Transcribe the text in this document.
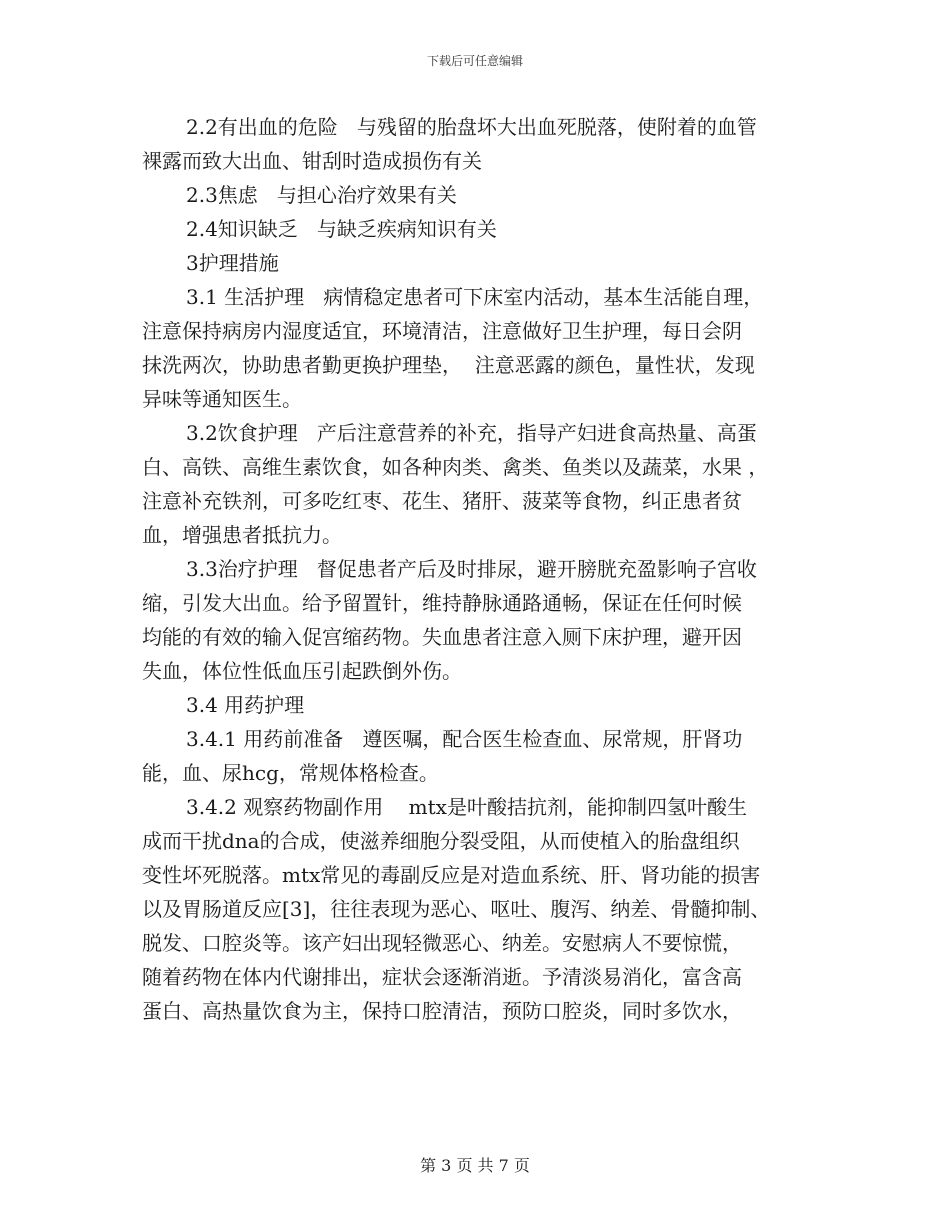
下载后可任意编辑

2.2有出血的危险   与残留的胎盘坏大出血死脱落，使附着的血管

裸露而致大出血、钳刮时造成损伤有关

2.3焦虑   与担心治疗效果有关

2.4知识缺乏   与缺乏疾病知识有关

3护理措施

3.1 生活护理   病情稳定患者可下床室内活动，基本生活能自理，

注意保持病房内湿度适宜，环境清洁，注意做好卫生护理，每日会阴

抹洗两次，协助患者勤更换护理垫，  注意恶露的颜色，量性状，发现

异味等通知医生。

3.2饮食护理   产后注意营养的补充，指导产妇进食高热量、高蛋

白、高铁、高维生素饮食，如各种肉类、禽类、鱼类以及蔬菜，水果 ，

注意补充铁剂，可多吃红枣、花生、猪肝、菠菜等食物，纠正患者贫

血，增强患者抵抗力。

3.3治疗护理   督促患者产后及时排尿，避开膀胱充盈影响子宫收

缩，引发大出血。给予留置针，维持静脉通路通畅，保证在任何时候

均能的有效的输入促宫缩药物。失血患者注意入厕下床护理，避开因

失血，体位性低血压引起跌倒外伤。

3.4 用药护理

3.4.1 用药前准备   遵医嘱，配合医生检查血、尿常规，肝肾功

能，血、尿hcg，常规体格检查。

3.4.2 观察药物副作用    mtx是叶酸拮抗剂，能抑制四氢叶酸生

成而干扰dna的合成，使滋养细胞分裂受阻，从而使植入的胎盘组织

变性坏死脱落。mtx常见的毒副反应是对造血系统、肝、肾功能的损害

以及胃肠道反应[3]，往往表现为恶心、呕吐、腹泻、纳差、骨髓抑制、

脱发、口腔炎等。该产妇出现轻微恶心、纳差。安慰病人不要惊慌，

随着药物在体内代谢排出，症状会逐渐消逝。予清淡易消化，富含高

蛋白、高热量饮食为主，保持口腔清洁，预防口腔炎，同时多饮水，

第 3 页 共 7 页
